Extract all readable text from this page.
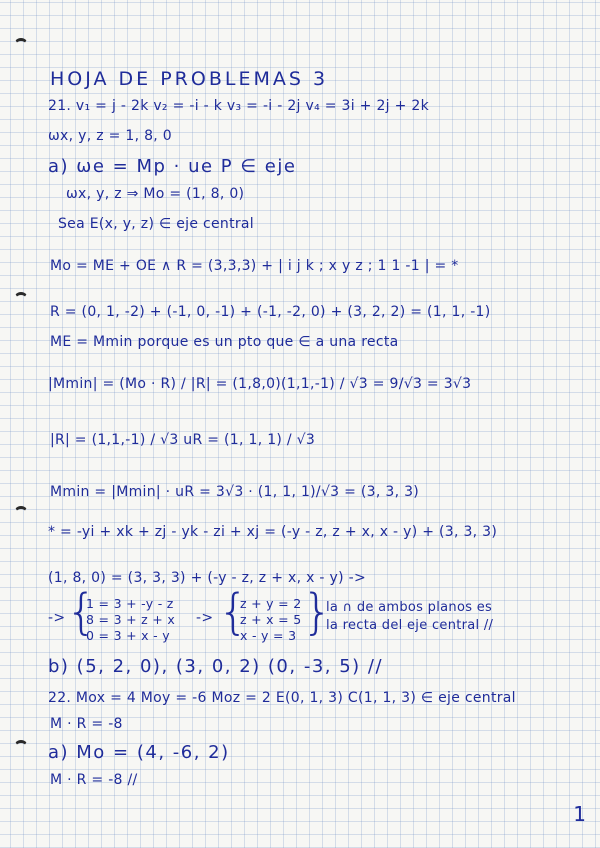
HOJA DE PROBLEMAS 3
21. v₁ = j - 2k v₂ = -i - k v₃ = -i - 2j v₄ = 3i + 2j + 2k
ωx, y, z = 1, 8, 0
a) ωe = Mp · ue P ∈ eje
ωx, y, z ⇒ Mo = (1, 8, 0)
Sea E(x, y, z) ∈ eje central
Mo = ME + OE ∧ R = (3,3,3) + | i j k ; x y z ; 1 1 -1 | = *
R = (0, 1, -2) + (-1, 0, -1) + (-1, -2, 0) + (3, 2, 2) = (1, 1, -1)
ME = Mmin porque es un pto que ∈ a una recta
|Mmin| = (Mo · R) / |R| = (1,8,0)(1,1,-1) / √3 = 9/√3 = 3√3
|R| = (1,1,-1) / √3 uR = (1, 1, 1) / √3
Mmin = |Mmin| · uR = 3√3 · (1, 1, 1)/√3 = (3, 3, 3)
* = -yi + xk + zj - yk - zi + xj = (-y - z, z + x, x - y) + (3, 3, 3)
(1, 8, 0) = (3, 3, 3) + (-y - z, z + x, x - y) ->
-> {
1 = 3 + -y - z
8 = 3 + z + x
0 = 3 + x - y
-> {
z + y = 2
z + x = 5
x - y = 3 }
la ∩ de ambos planos es
la recta del eje central //
b) (5, 2, 0), (3, 0, 2) (0, -3, 5) //
22. Mox = 4 Moy = -6 Moz = 2 E(0, 1, 3) C(1, 1, 3) ∈ eje central
M · R = -8
a) Mo = (4, -6, 2)
M · R = -8 //
1
